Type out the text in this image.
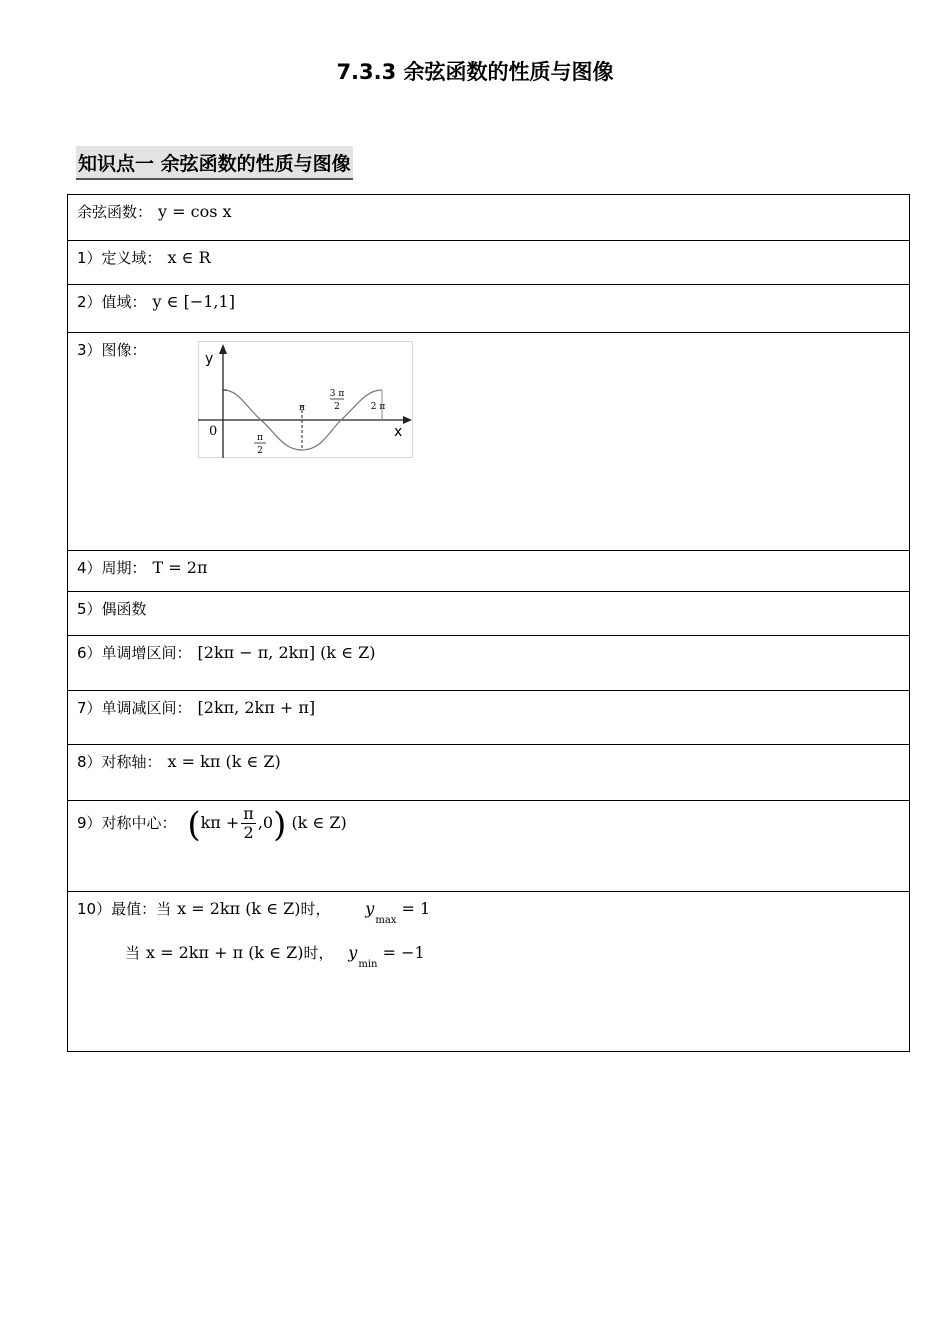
7.3.3 余弦函数的性质与图像
知识点一 余弦函数的性质与图像
余弦函数： y = cos x
1）定义域： x ∈ R
2）值域： y ∈ [−1,1]
3）图像：	y
x
0
π
3 π
2	2 π
π
2

4）周期： T = 2π
5）偶函数
6）单调增区间： [2kπ − π, 2kπ] (k ∈ Z)
7）单调减区间： [2kπ, 2kπ + π]
8）对称轴： x = kπ (k ∈ Z)
9）对称中心： $(k\pi + \frac{\pi}{2} ,0)$ (k ∈ Z)

10）最值：当 x = 2kπ (k ∈ Z)时， $y_{max} = 1$
当 x = 2kπ + π (k ∈ Z)时， $y_{min} = -1$
